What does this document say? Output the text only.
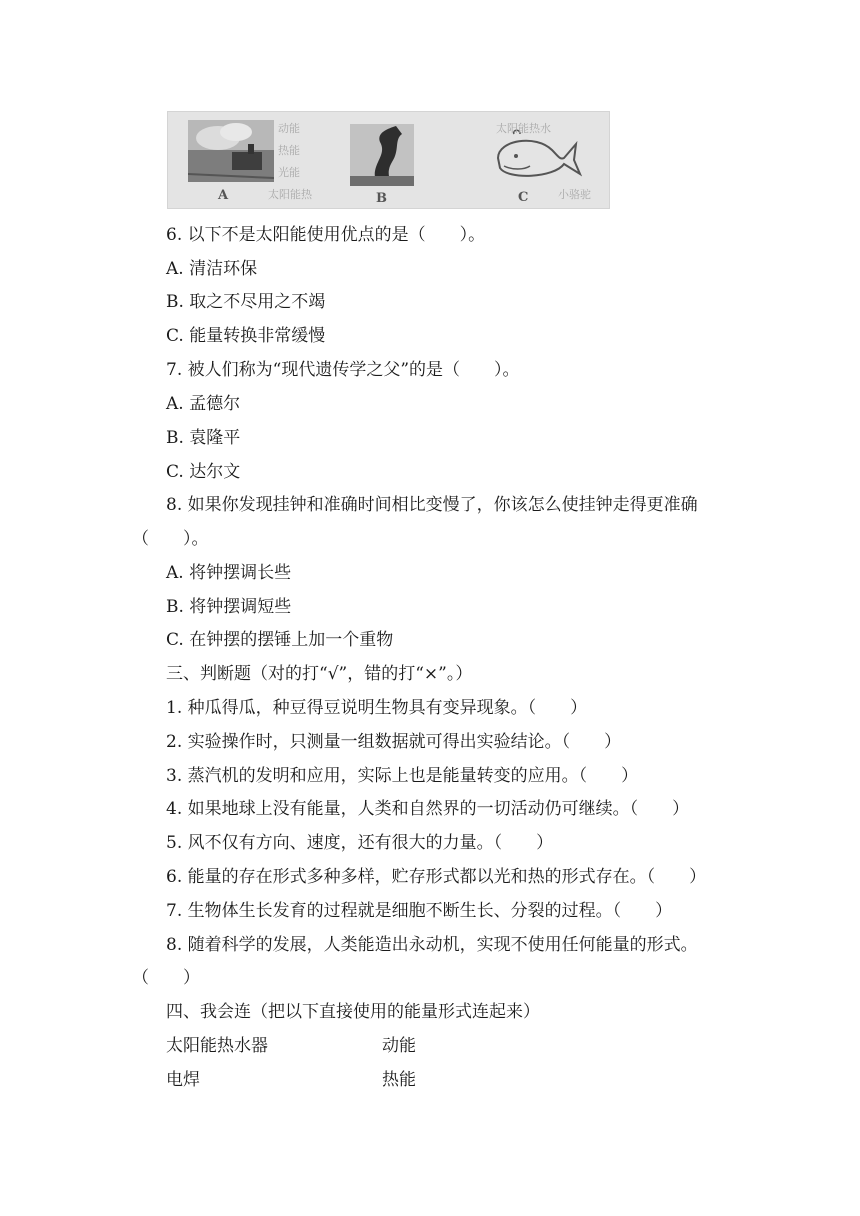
动能
热能
光能
太阳能热
A	B
太阳能热水
小骆驼
C
6. 以下不是太阳能使用优点的是（　　）。
A. 清洁环保
B. 取之不尽用之不竭
C. 能量转换非常缓慢
7. 被人们称为“现代遗传学之父”的是（　　）。
A. 孟德尔
B. 袁隆平
C. 达尔文
8. 如果你发现挂钟和准确时间相比变慢了，你该怎么使挂钟走得更准确
（　　）。
A. 将钟摆调长些
B. 将钟摆调短些
C. 在钟摆的摆锤上加一个重物
三、判断题（对的打“√”，错的打“×”。）
1. 种瓜得瓜，种豆得豆说明生物具有变异现象。（　　）
2. 实验操作时，只测量一组数据就可得出实验结论。（　　）
3. 蒸汽机的发明和应用，实际上也是能量转变的应用。（　　）
4. 如果地球上没有能量，人类和自然界的一切活动仍可继续。（　　）
5. 风不仅有方向、速度，还有很大的力量。（　　）
6. 能量的存在形式多种多样，贮存形式都以光和热的形式存在。（　　）
7. 生物体生长发育的过程就是细胞不断生长、分裂的过程。（　　）
8. 随着科学的发展，人类能造出永动机，实现不使用任何能量的形式。
（　　）
四、我会连（把以下直接使用的能量形式连起来）
太阳能热水器	动能
电焊	热能
